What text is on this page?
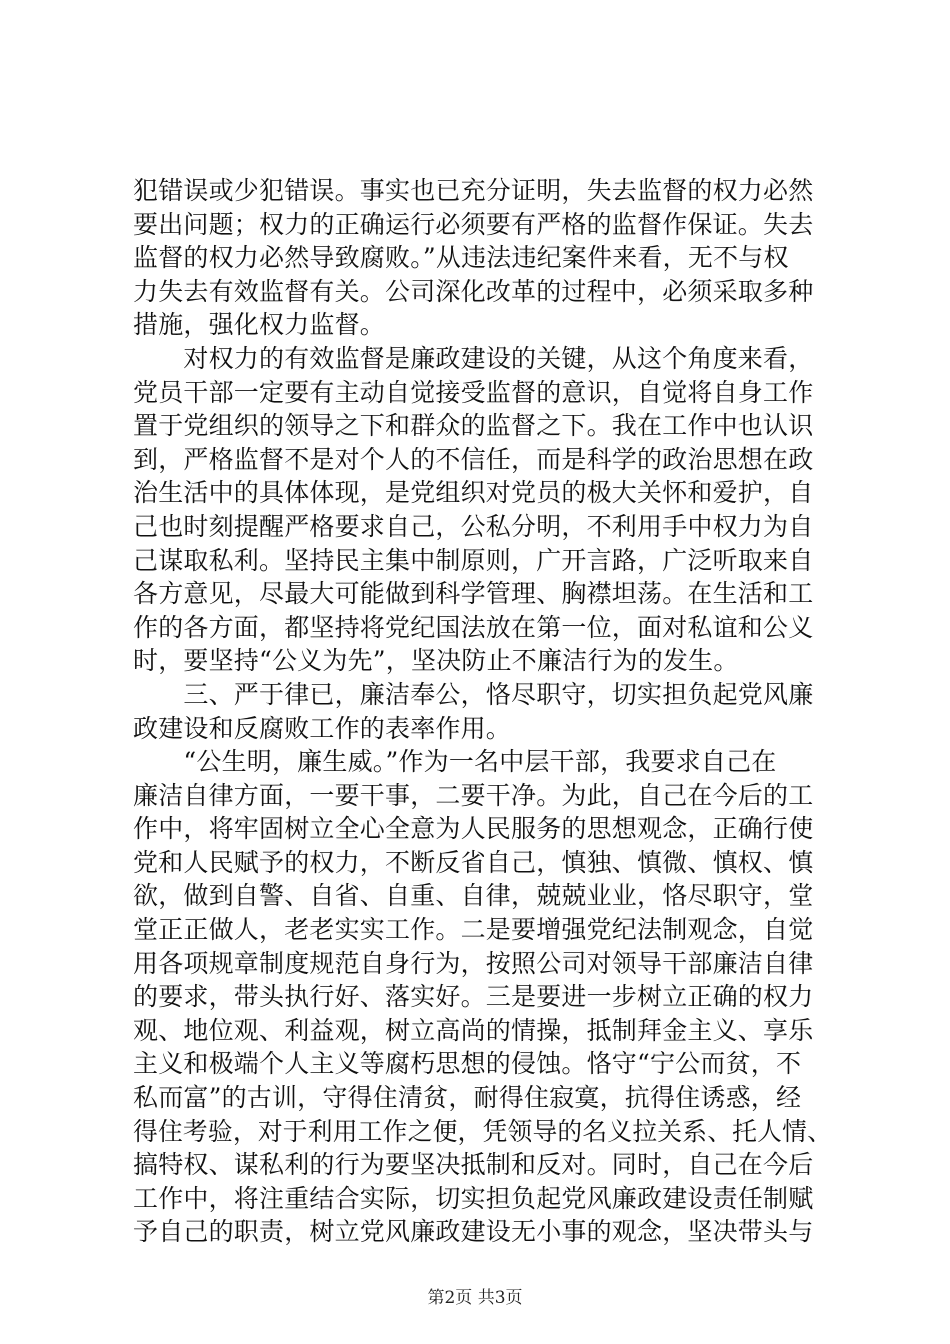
犯错误或少犯错误。事实也已充分证明，失去监督的权力必然
要出问题；权力的正确运行必须要有严格的监督作保证。失去
监督的权力必然导致腐败。”从违法违纪案件来看，无不与权
力失去有效监督有关。公司深化改革的过程中，必须采取多种
措施，强化权力监督。
　　对权力的有效监督是廉政建设的关键，从这个角度来看，
党员干部一定要有主动自觉接受监督的意识，自觉将自身工作
置于党组织的领导之下和群众的监督之下。我在工作中也认识
到，严格监督不是对个人的不信任，而是科学的政治思想在政
治生活中的具体体现，是党组织对党员的极大关怀和爱护，自
己也时刻提醒严格要求自己，公私分明，不利用手中权力为自
己谋取私利。坚持民主集中制原则，广开言路，广泛听取来自
各方意见，尽最大可能做到科学管理、胸襟坦荡。在生活和工
作的各方面，都坚持将党纪国法放在第一位，面对私谊和公义
时，要坚持“公义为先”，坚决防止不廉洁行为的发生。
　　三、严于律已，廉洁奉公，恪尽职守，切实担负起党风廉
政建设和反腐败工作的表率作用。
　　“公生明，廉生威。”作为一名中层干部，我要求自己在
廉洁自律方面，一要干事，二要干净。为此，自己在今后的工
作中，将牢固树立全心全意为人民服务的思想观念，正确行使
党和人民赋予的权力，不断反省自己，慎独、慎微、慎权、慎
欲，做到自警、自省、自重、自律，兢兢业业，恪尽职守，堂
堂正正做人，老老实实工作。二是要增强党纪法制观念，自觉
用各项规章制度规范自身行为，按照公司对领导干部廉洁自律
的要求，带头执行好、落实好。三是要进一步树立正确的权力
观、地位观、利益观，树立高尚的情操，抵制拜金主义、享乐
主义和极端个人主义等腐朽思想的侵蚀。恪守“宁公而贫，不
私而富”的古训，守得住清贫，耐得住寂寞，抗得住诱惑，经
得住考验，对于利用工作之便，凭领导的名义拉关系、托人情、
搞特权、谋私利的行为要坚决抵制和反对。同时，自己在今后
工作中，将注重结合实际，切实担负起党风廉政建设责任制赋
予自己的职责，树立党风廉政建设无小事的观念，坚决带头与
第2页 共3页
